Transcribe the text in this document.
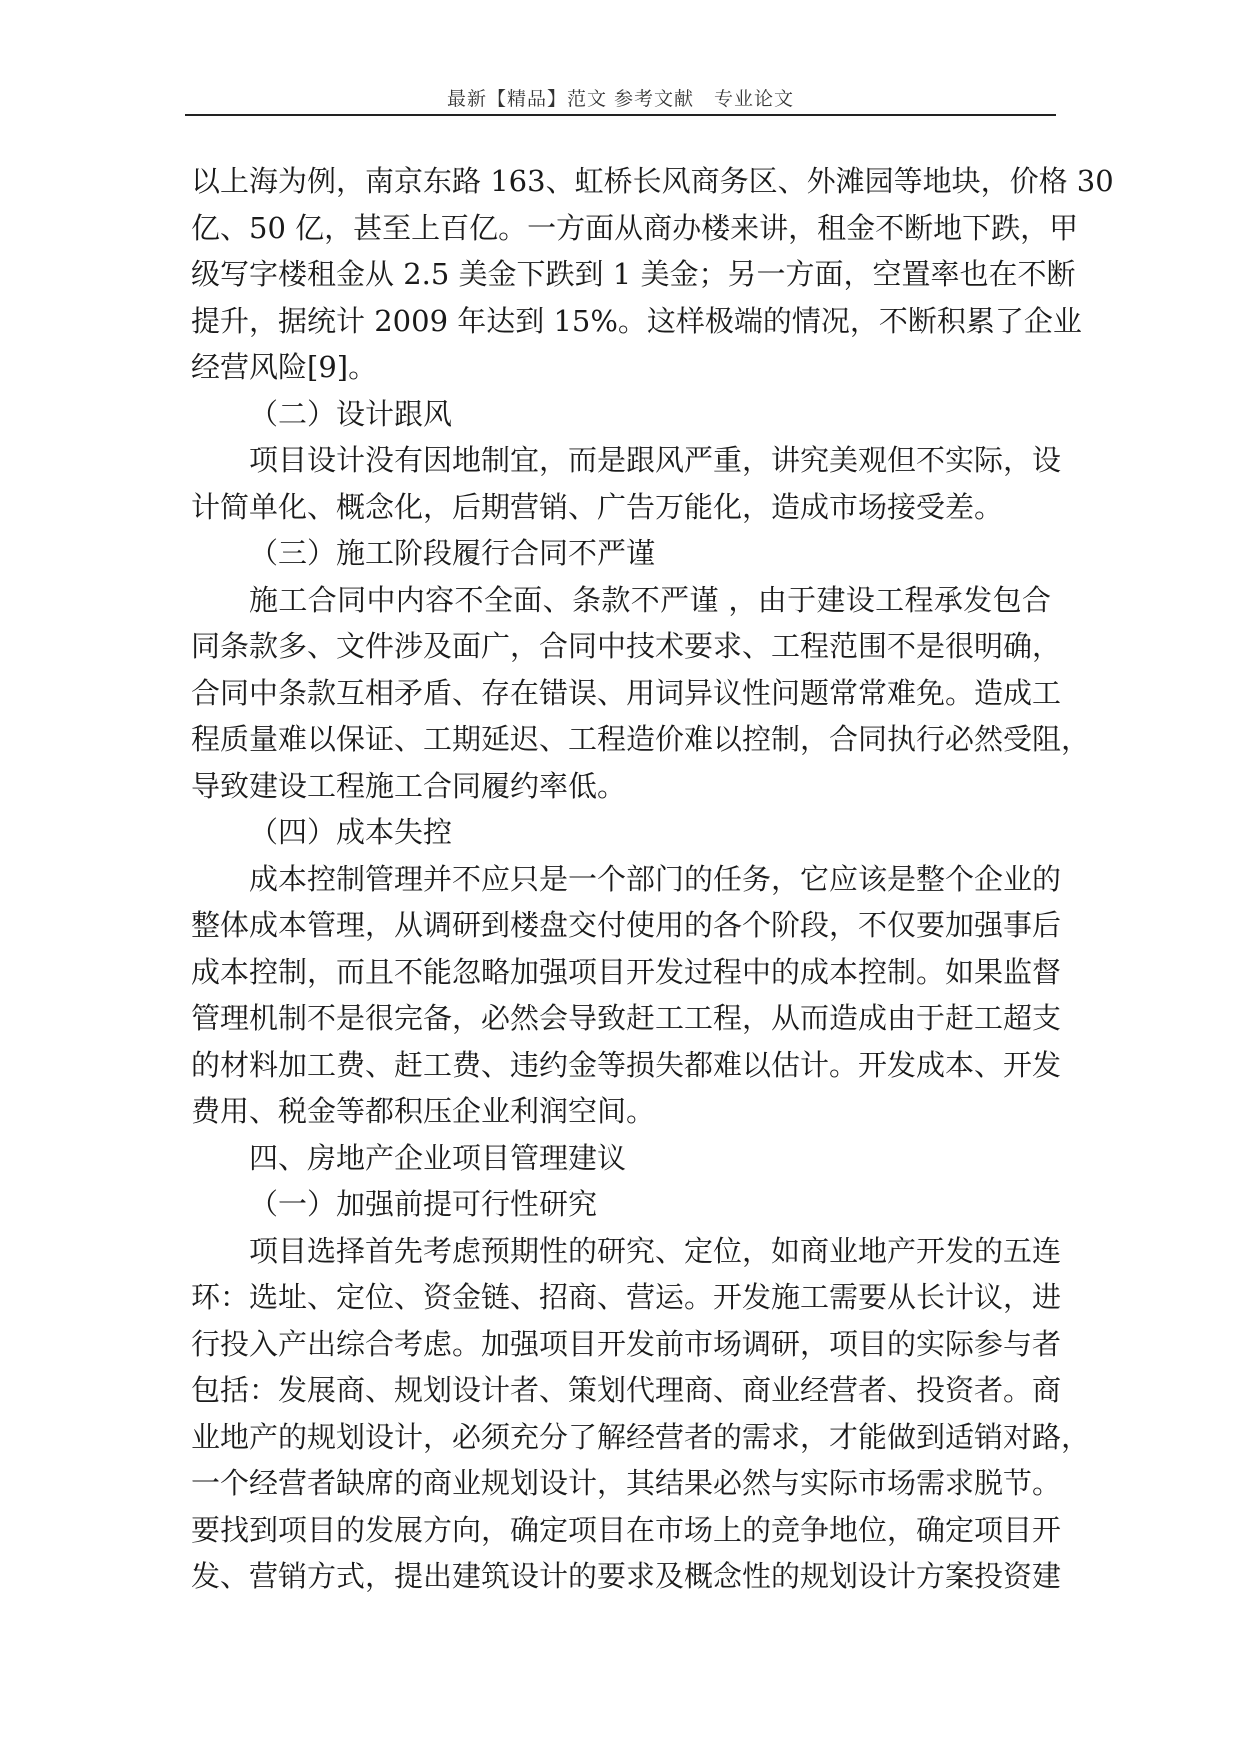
最新【精品】范文 参考文献　专业论文
以上海为例，南京东路 163、虹桥长风商务区、外滩园等地块，价格 30
亿、50 亿，甚至上百亿。一方面从商办楼来讲，租金不断地下跌，甲
级写字楼租金从 2.5 美金下跌到 1 美金；另一方面，空置率也在不断
提升，据统计 2009 年达到 15%。这样极端的情况，不断积累了企业
经营风险[9]。
（二）设计跟风
项目设计没有因地制宜，而是跟风严重，讲究美观但不实际，设
计简单化、概念化，后期营销、广告万能化，造成市场接受差。
（三）施工阶段履行合同不严谨
施工合同中内容不全面、条款不严谨 ，由于建设工程承发包合
同条款多、文件涉及面广，合同中技术要求、工程范围不是很明确，
合同中条款互相矛盾、存在错误、用词异议性问题常常难免。造成工
程质量难以保证、工期延迟、工程造价难以控制，合同执行必然受阻，
导致建设工程施工合同履约率低。
（四）成本失控
成本控制管理并不应只是一个部门的任务，它应该是整个企业的
整体成本管理，从调研到楼盘交付使用的各个阶段，不仅要加强事后
成本控制，而且不能忽略加强项目开发过程中的成本控制。如果监督
管理机制不是很完备，必然会导致赶工工程，从而造成由于赶工超支
的材料加工费、赶工费、违约金等损失都难以估计。开发成本、开发
费用、税金等都积压企业利润空间。
四、房地产企业项目管理建议
（一）加强前提可行性研究
项目选择首先考虑预期性的研究、定位，如商业地产开发的五连
环：选址、定位、资金链、招商、营运。开发施工需要从长计议，进
行投入产出综合考虑。加强项目开发前市场调研，项目的实际参与者
包括：发展商、规划设计者、策划代理商、商业经营者、投资者。商
业地产的规划设计，必须充分了解经营者的需求，才能做到适销对路，
一个经营者缺席的商业规划设计，其结果必然与实际市场需求脱节。
要找到项目的发展方向，确定项目在市场上的竞争地位，确定项目开
发、营销方式，提出建筑设计的要求及概念性的规划设计方案投资建
